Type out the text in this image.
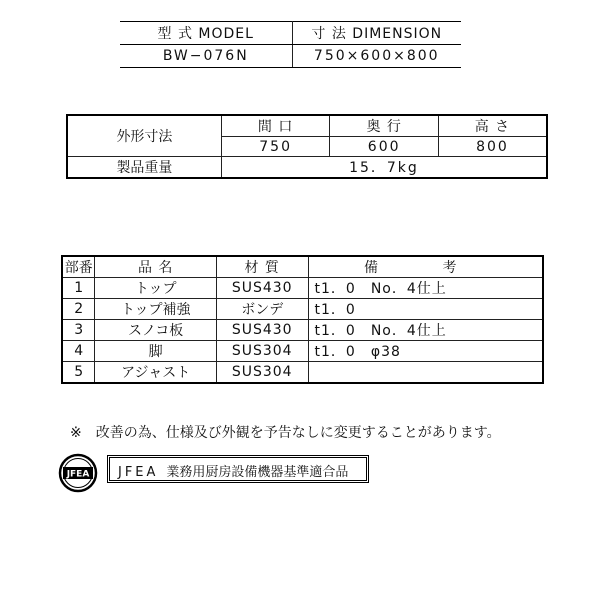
型 式 MODEL	寸 法 DIMENSION
BW−076N	750×600×800
外形寸法	間 口	奥 行	高 さ
	750	600	800
製品重量	15．7kg		
部番	品 名	材 質	備 考
1	トップ	SUS430	t1．0　No．4仕上
2	トップ補強	ボンデ	t1．0
3	スノコ板	SUS430	t1．0　No．4仕上
4	脚	SUS304	t1．0　φ38
5	アジャスト	SUS304	
※　改善の為、仕様及び外観を予告なしに変更することがあります。
JFEA JFEA 業務用厨房設備機器基準適合品
